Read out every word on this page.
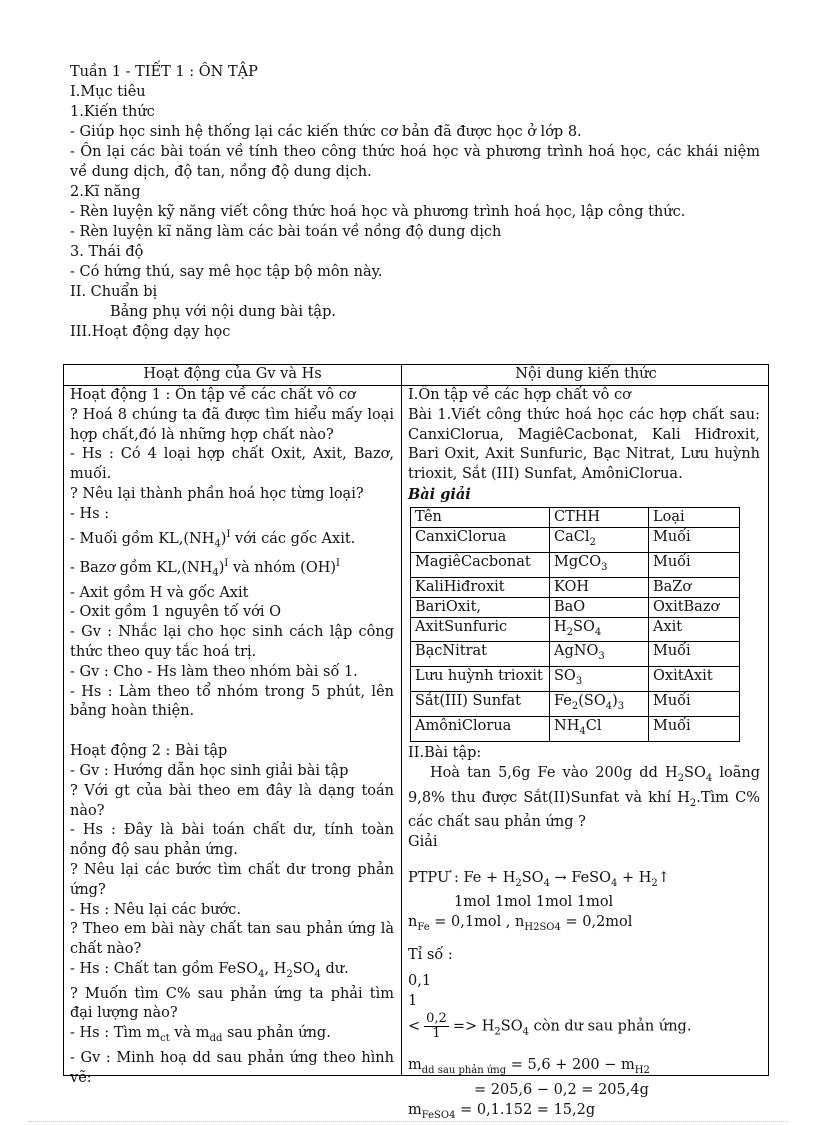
Tuần 1 - TIẾT 1 : ÔN TẬP
I.Mục tiêu
1.Kiến thức
- Giúp học sinh hệ thống lại các kiến thức cơ bản đã được học ở lớp 8.
- Ôn lại các bài toán về tính theo công thức hoá học và phương trình hoá học, các khái niệm về dung dịch, độ tan, nồng độ dung dịch.
2.Kĩ năng
- Rèn luyện kỹ năng viết công thức hoá học và phương trình hoá học, lập công thức.
- Rèn luyện kĩ năng làm các bài toán về nồng độ dung dịch
3. Thái độ
- Có hứng thú, say mê học tập bộ môn này.
II. Chuẩn bị
Bảng phụ với nội dung bài tập.
III.Hoạt động dạy học
Hoạt động của Gv và Hs	Nội dung kiến thức

Hoạt động 1 : Ôn tập về các chất vô cơ

? Hoá 8 chúng ta đã được tìm hiểu mấy loại hợp chất,đó là những hợp chất nào?

- Hs : Có 4 loại hợp chất Oxit, Axit, Bazơ, muối.

? Nêu lại thành phần hoá học từng loại?

- Hs :

- Muối gồm $KL,(NH_4)^I$ với các gốc Axit.

- Bazơ gồm $KL,(NH_4)^I$ và nhóm (OH)$^I$

- Axit gồm H và gốc Axit

- Oxit gồm 1 nguyên tố với O

- Gv : Nhắc lại cho học sinh cách lập công thức theo quy tắc hoá trị.

- Gv : Cho - Hs làm theo nhóm bài số 1.

- Hs : Làm theo tổ nhóm trong 5 phút, lên bảng hoàn thiện.

Hoạt động 2 : Bài tập

- Gv : Hướng dẫn học sinh giải bài tập

? Với gt của bài theo em đây là dạng toán nào?

- Hs : Đây là bài toán chất dư, tính toàn nồng độ sau phản ứng.

? Nêu lại các bước tìm chất dư trong phản ứng?

- Hs : Nêu lại các bước.

? Theo em bài này chất tan sau phản ứng là chất nào?

- Hs : Chất tan gồm FeSO$_4$, $H_2SO_4$ dư.

? Muốn tìm C% sau phản ứng ta phải tìm đại lượng nào?

- Hs : Tìm $m_{ct}$ và $m_{dd}$ sau phản ứng.

- Gv : Minh hoạ dd sau phản ứng theo hình vẽ:

I.Ôn tập về các hợp chất vô cơ

Bài 1.Viết công thức hoá học các hợp chất sau: CanxiClorua, MagiêCacbonat, Kali Hiđroxit, Bari Oxit, Axit Sunfuric, Bạc Nitrat, Lưu huỳnh trioxit, Sắt (III) Sunfat, AmôniClorua.

Bài giải

Tên	CTHH	Loại
CanxiClorua	CaCl$_2$	Muối
MagiêCacbonat	MgCO$_3$	Muối
KaliHiđroxit	KOH	BaZơ
BariOxit,	BaO	OxitBazơ
AxitSunfuric	$H_2SO_4$	Axit
BạcNitrat	AgNO$_3$	Muối
Lưu huỳnh trioxit	$SO_3$	OxitAxit
Sắt(III) Sunfat	$Fe_2(SO_4)_3$	Muối
AmôniClorua	$NH_4Cl$	Muối

II.Bài tập:

Hoà tan 5,6g Fe vào 200g dd $H_2SO_4$ loãng 9,8% thu được Sắt(II)Sunfat và khí $H_2.Tìm$ C% các chất sau phản ứng ?

Giải

PTPƯ : $Fe + H_2SO_4$ → FeSO$_4$ + $H_2↑$

1mol 1mol 1mol 1mol

$n_{Fe} = 0,1mol$ , $n_{H2SO4} = 0,2mol$

Tỉ số :

0,1
1
< $\frac{0,2}{1} => H_2SO_4$ còn dư sau phản ứng.

$m_{dd sau phản ứng} = 5,6 + 200 - m_{H2}$

= 205,6 − 0,2 = 205,4g

$m_{FeSO4} = 0,1.152 = 15,2g$
